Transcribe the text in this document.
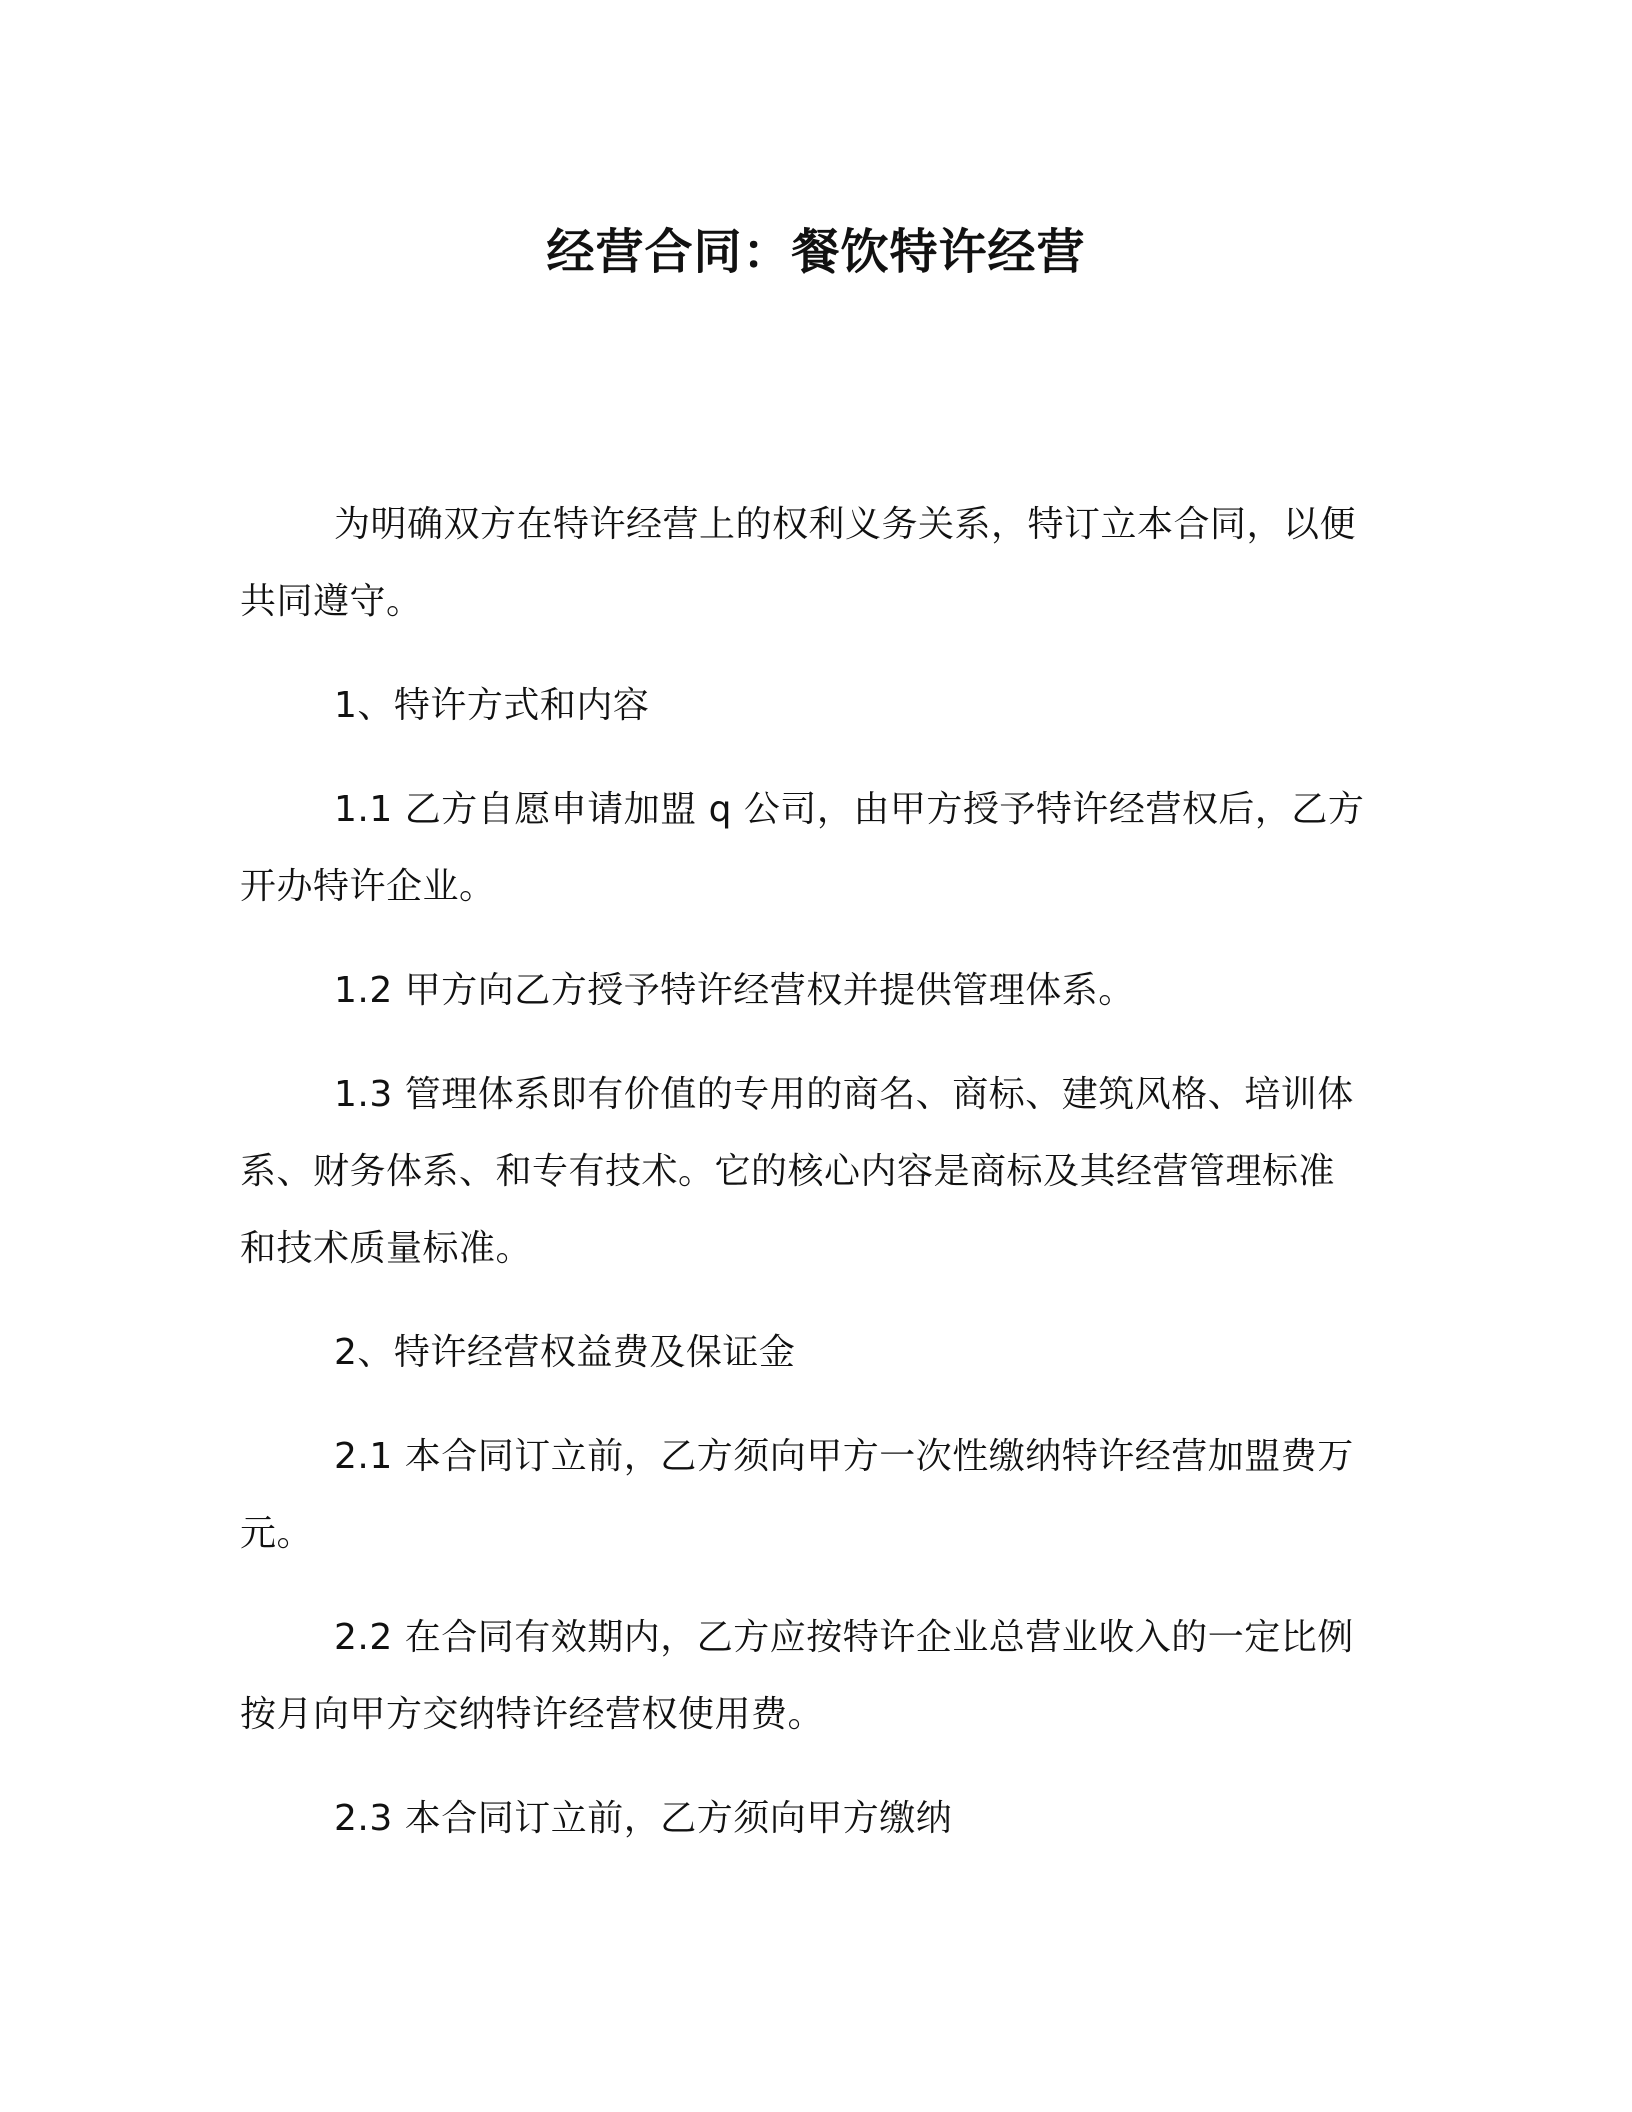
经营合同：餐饮特许经营

为明确双方在特许经营上的权利义务关系，特订立本合同，以便共同遵守。

1、特许方式和内容

1.1 乙方自愿申请加盟 q 公司，由甲方授予特许经营权后，乙方开办特许企业。

1.2 甲方向乙方授予特许经营权并提供管理体系。

1.3 管理体系即有价值的专用的商名、商标、建筑风格、培训体系、财务体系、和专有技术。它的核心内容是商标及其经营管理标准和技术质量标准。

2、特许经营权益费及保证金

2.1 本合同订立前，乙方须向甲方一次性缴纳特许经营加盟费万元。

2.2 在合同有效期内，乙方应按特许企业总营业收入的一定比例按月向甲方交纳特许经营权使用费。

2.3 本合同订立前，乙方须向甲方缴纳
